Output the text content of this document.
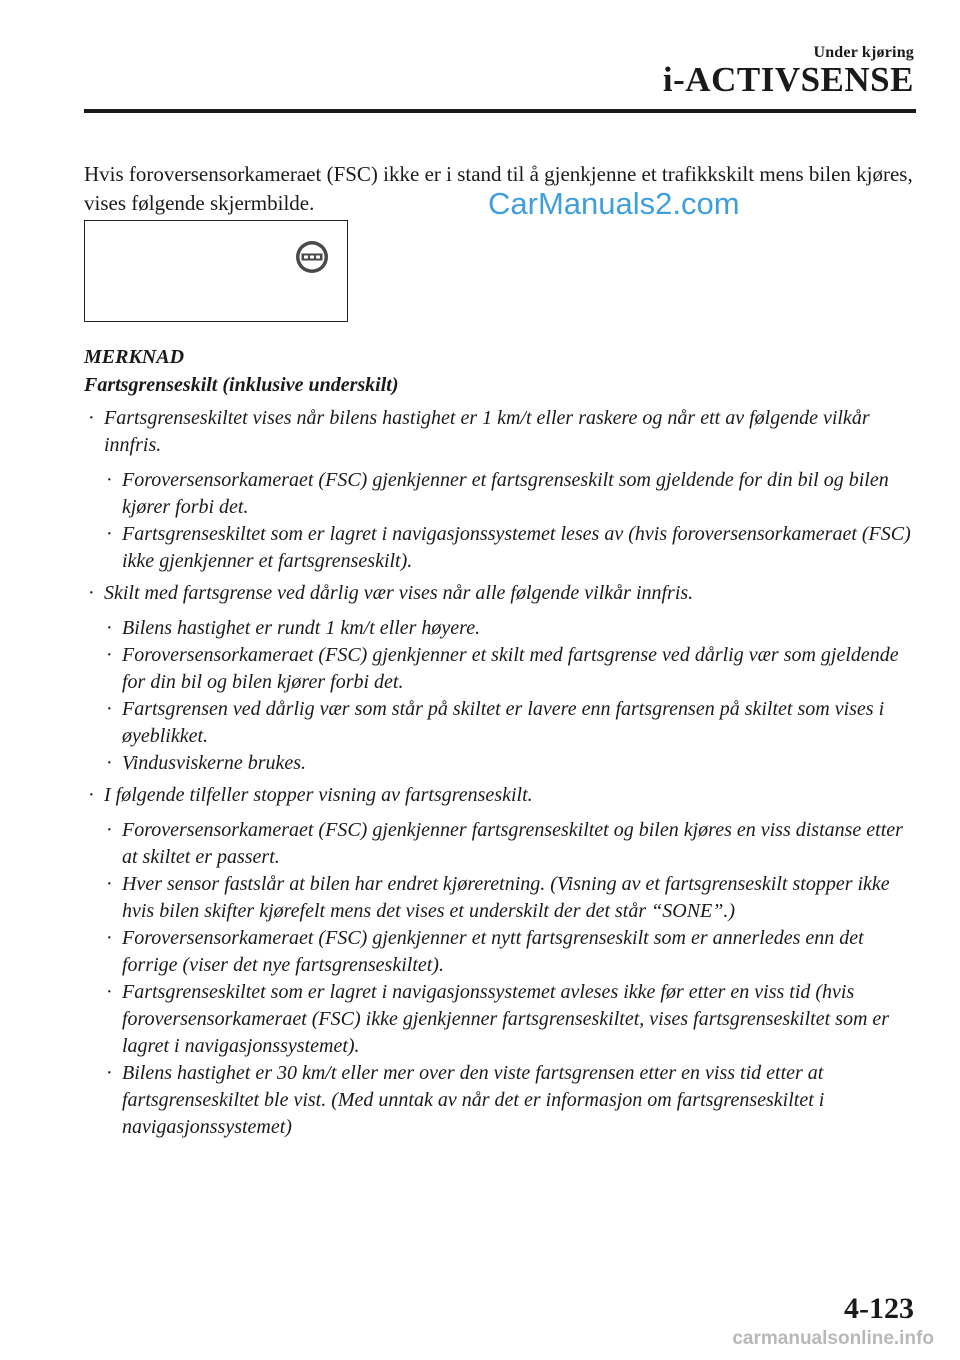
Under kjøring
i-ACTIVSENSE
Hvis foroversensorkameraet (FSC) ikke er i stand til å gjenkjenne et trafikkskilt mens bilen kjøres, vises følgende skjermbilde.	CarManuals2.com
MERKNAD
Fartsgrenseskilt (inklusive underskilt)
· Fartsgrenseskiltet vises når bilens hastighet er 1 km/t eller raskere og når ett av følgende vilkår innfris.
· Foroversensorkameraet (FSC) gjenkjenner et fartsgrenseskilt som gjeldende for din bil og bilen kjører forbi det.
· Fartsgrenseskiltet som er lagret i navigasjonssystemet leses av (hvis foroversensorkameraet (FSC) ikke gjenkjenner et fartsgrenseskilt).
· Skilt med fartsgrense ved dårlig vær vises når alle følgende vilkår innfris.
· Bilens hastighet er rundt 1 km/t eller høyere.
· Foroversensorkameraet (FSC) gjenkjenner et skilt med fartsgrense ved dårlig vær som gjeldende for din bil og bilen kjører forbi det.
· Fartsgrensen ved dårlig vær som står på skiltet er lavere enn fartsgrensen på skiltet som vises i øyeblikket.
· Vindusviskerne brukes.
· I følgende tilfeller stopper visning av fartsgrenseskilt.
· Foroversensorkameraet (FSC) gjenkjenner fartsgrenseskiltet og bilen kjøres en viss distanse etter at skiltet er passert.
· Hver sensor fastslår at bilen har endret kjøreretning. (Visning av et fartsgrenseskilt stopper ikke hvis bilen skifter kjørefelt mens det vises et underskilt der det står “SONE”.)
· Foroversensorkameraet (FSC) gjenkjenner et nytt fartsgrenseskilt som er annerledes enn det forrige (viser det nye fartsgrenseskiltet).
· Fartsgrenseskiltet som er lagret i navigasjonssystemet avleses ikke før etter en viss tid (hvis foroversensorkameraet (FSC) ikke gjenkjenner fartsgrenseskiltet, vises fartsgrenseskiltet som er lagret i navigasjonssystemet).
· Bilens hastighet er 30 km/t eller mer over den viste fartsgrensen etter en viss tid etter at fartsgrenseskiltet ble vist. (Med unntak av når det er informasjon om fartsgrenseskiltet i navigasjonssystemet)
4-123
carmanualsonline.info
